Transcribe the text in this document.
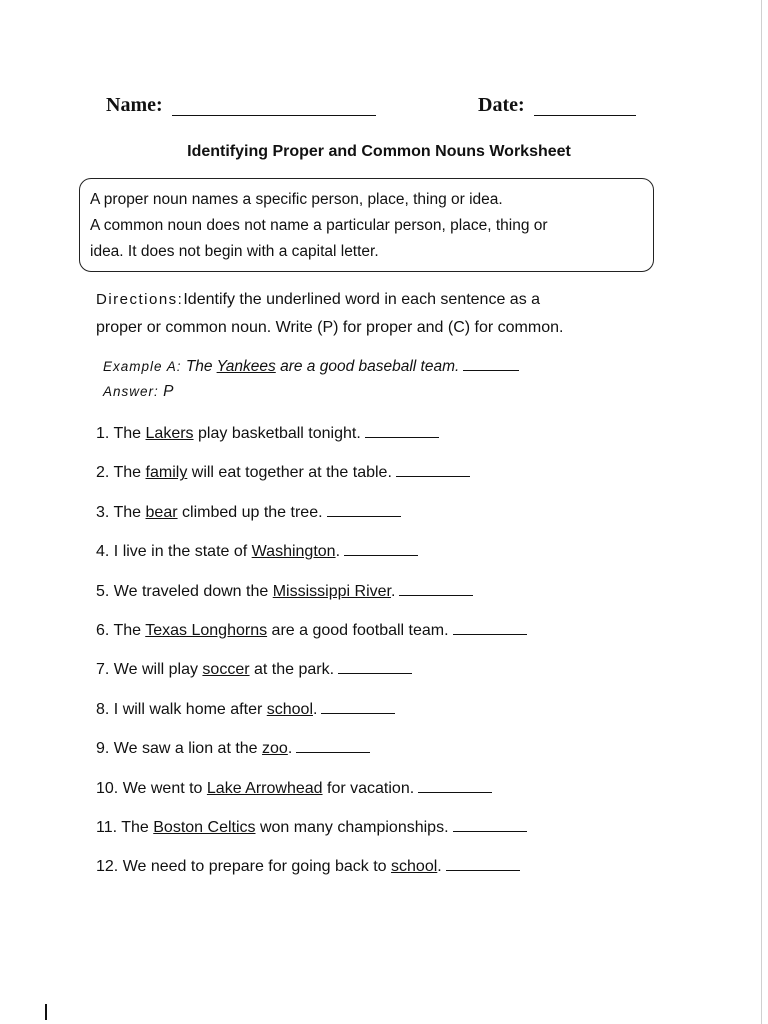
Name:	Date:
Identifying Proper and Common Nouns Worksheet

A proper noun names a specific person, place, thing or idea.

A common noun does not name a particular person, place, thing or

idea. It does not begin with a capital letter.

Directions:Identify the underlined word in each sentence as a
proper or common noun. Write (P) for proper and (C) for common.
Example A: The Yankees are a good baseball team.
Answer: P
1. The Lakers play basketball tonight.
2. The family will eat together at the table.
3. The bear climbed up the tree.
4. I live in the state of Washington.
5. We traveled down the Mississippi River.
6. The Texas Longhorns are a good football team.
7. We will play soccer at the park.
8. I will walk home after school.
9. We saw a lion at the zoo.
10. We went to Lake Arrowhead for vacation.
11. The Boston Celtics won many championships.
12. We need to prepare for going back to school.
